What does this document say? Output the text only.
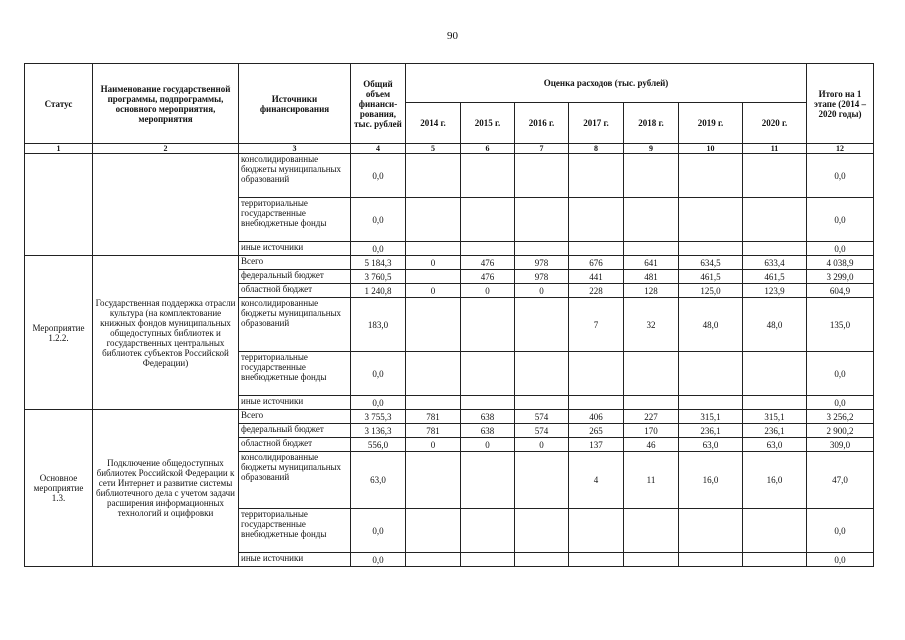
90
Статус	Наименование государственной программы, подпрограммы, основного мероприятия, мероприятия	Источники финансирования	Общий объем финанси-рования, тыс. рублей	Оценка расходов (тыс. рублей)							Итого на 1 этапе (2014 – 2020 годы)
				2014 г.	2015 г.	2016 г.	2017 г.	2018 г.	2019 г.	2020 г.	
1	2	3	4	5	6	7	8	9	10	11	12
		консолидированные бюджеты муниципальных образований	0,0								0,0
		территориальные государственные внебюджетные фонды	0,0								0,0
		иные источники	0,0								0,0
Мероприятие 1.2.2.	Государственная поддержка отрасли культура (на комплектование книжных фондов муниципальных общедоступных библиотек и государственных центральных библиотек субъектов Российской Федерации)	Всего	5 184,3	0	476	978	676	641	634,5	633,4	4 038,9
		федеральный бюджет	3 760,5		476	978	441	481	461,5	461,5	3 299,0
		областной бюджет	1 240,8	0	0	0	228	128	125,0	123,9	604,9
		консолидированные бюджеты муниципальных образований	183,0				7	32	48,0	48,0	135,0
		территориальные государственные внебюджетные фонды	0,0								0,0
		иные источники	0,0								0,0
Основное мероприятие 1.3.	Подключение общедоступных библиотек Российской Федерации к сети Интернет и развитие системы библиотечного дела с учетом задачи расширения информационных технологий и оцифровки	Всего	3 755,3	781	638	574	406	227	315,1	315,1	3 256,2
		федеральный бюджет	3 136,3	781	638	574	265	170	236,1	236,1	2 900,2
		областной бюджет	556,0	0	0	0	137	46	63,0	63,0	309,0
		консолидированные бюджеты муниципальных образований	63,0				4	11	16,0	16,0	47,0
		территориальные государственные внебюджетные фонды	0,0								0,0
		иные источники	0,0								0,0
